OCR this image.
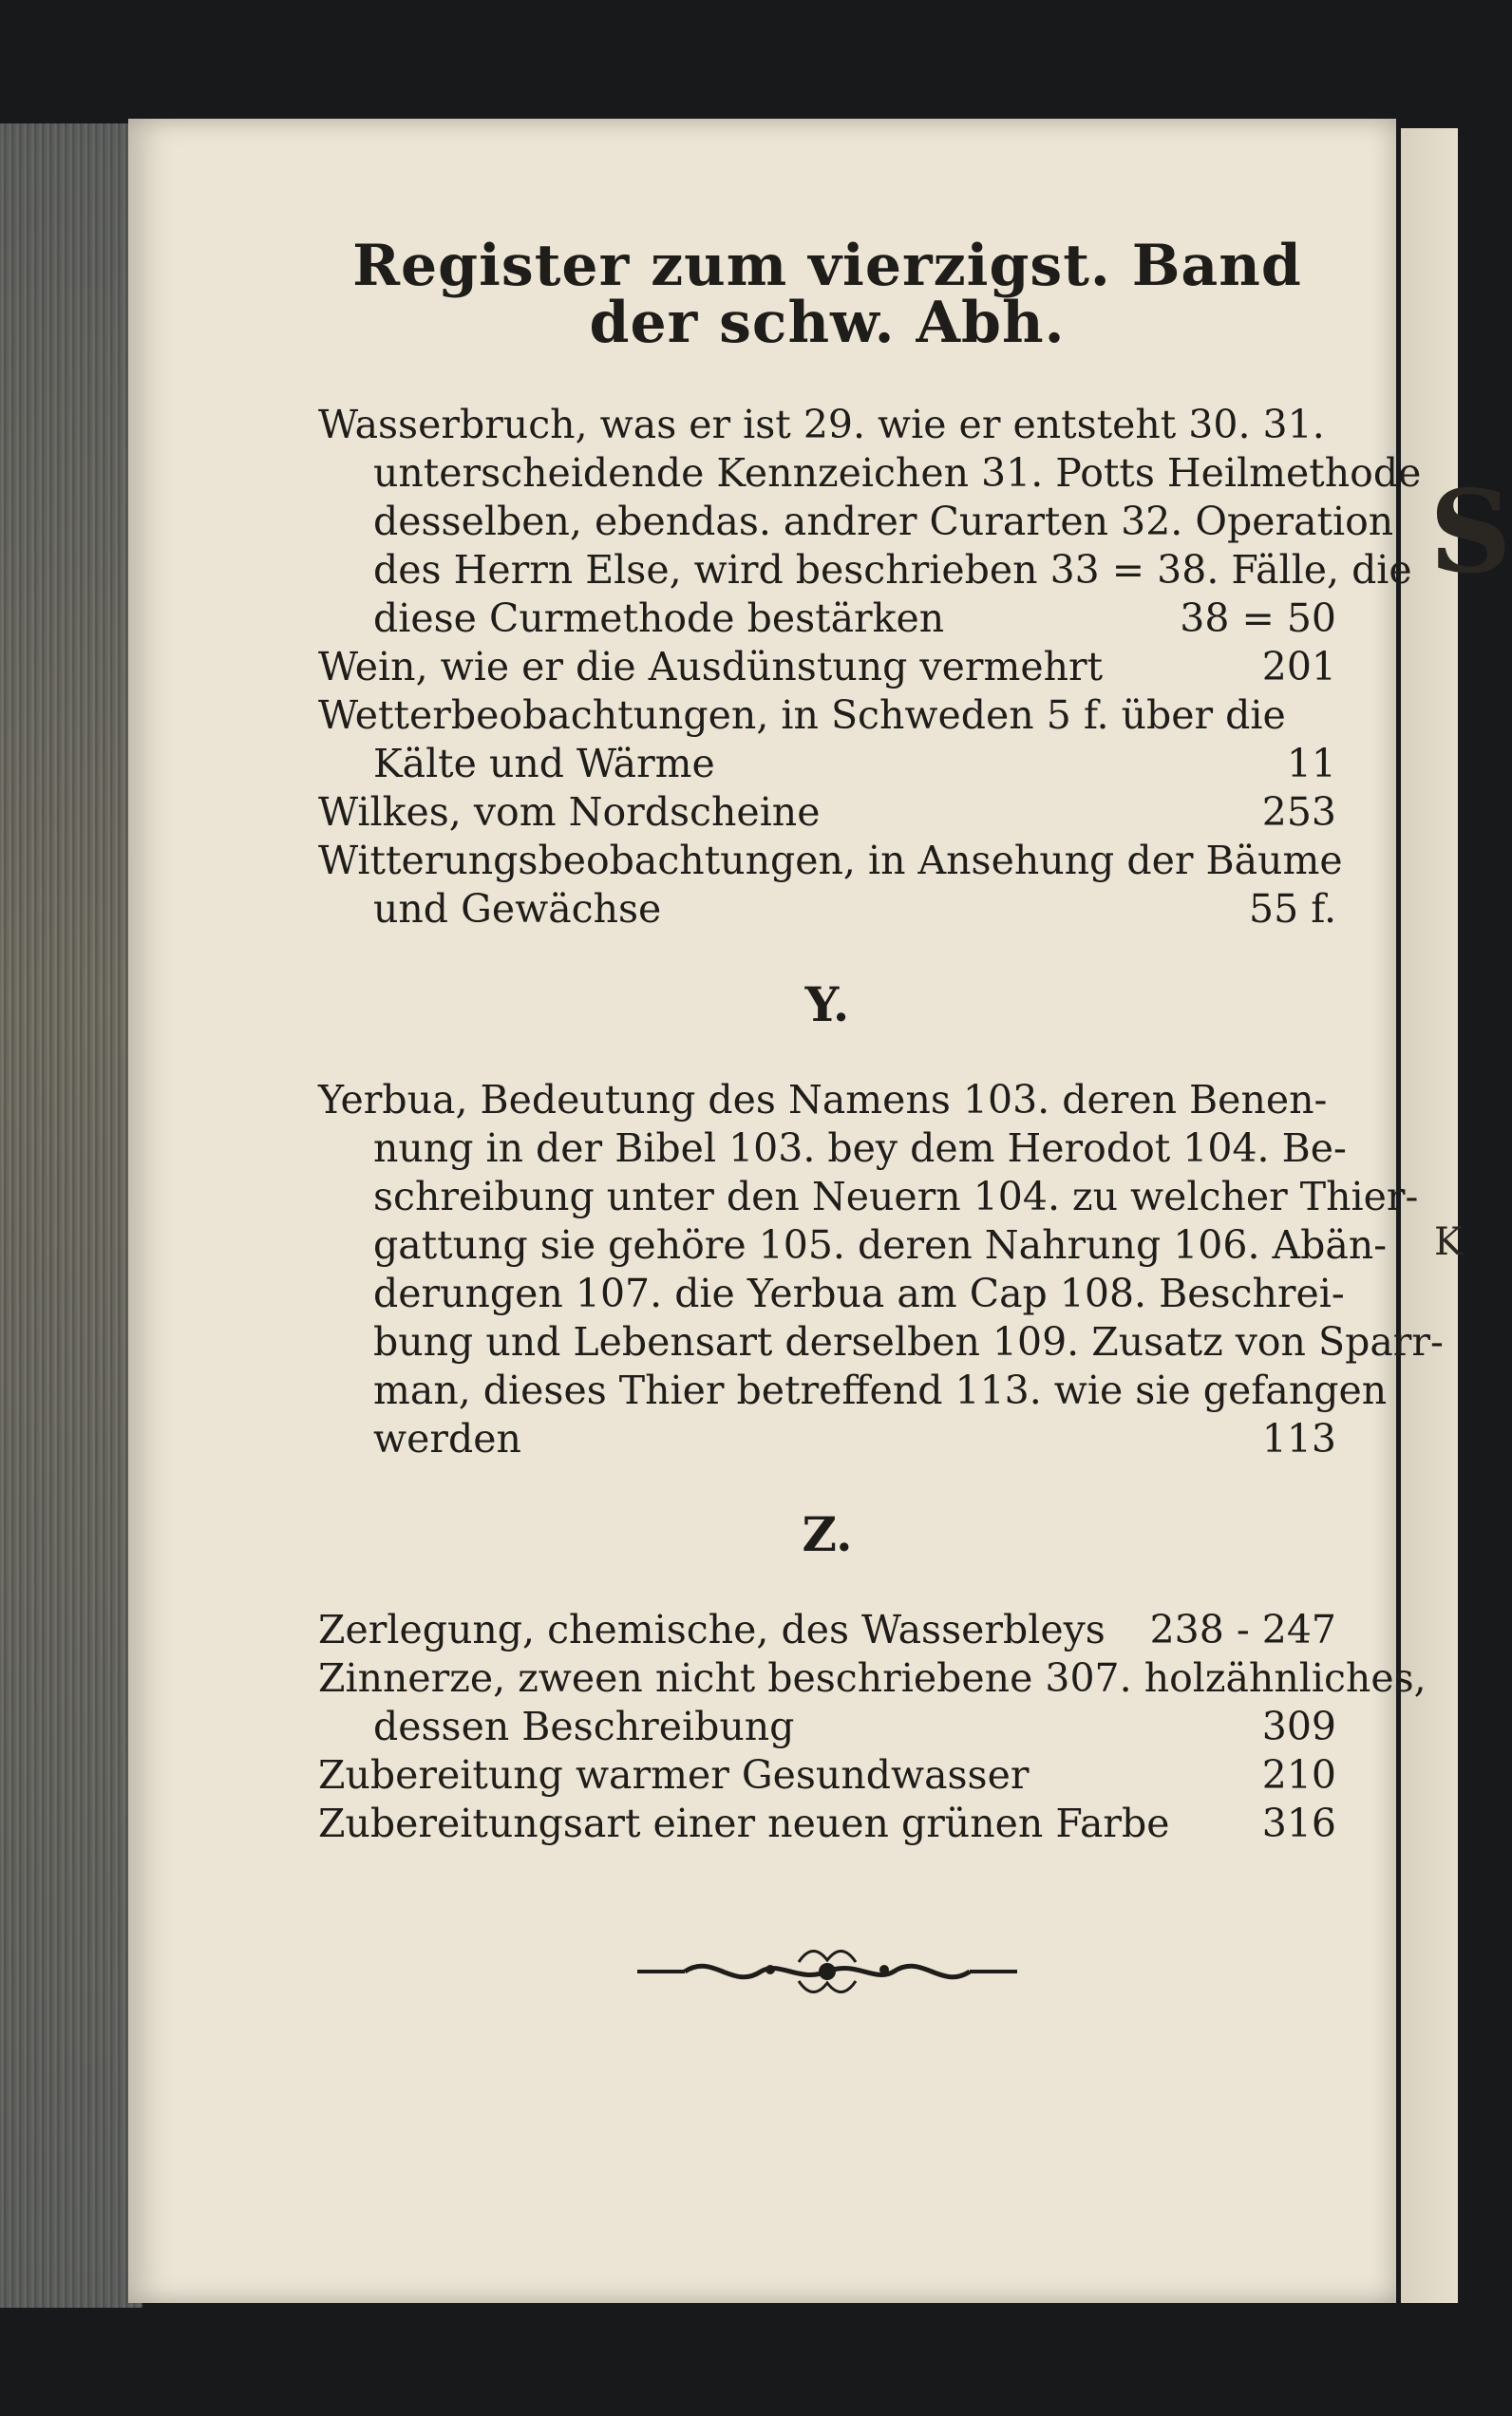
S
K
Register zum vierzigst. Band der schw. Abh.
Wasserbruch, was er ist 29. wie er entsteht 30. 31.
unterscheidende Kennzeichen 31. Potts Heilmethode
desselben, ebendas. andrer Curarten 32. Operation
des Herrn Else, wird beschrieben 33 = 38. Fälle, die
diese Curmethode bestärken	38 = 50
Wein, wie er die Ausdünstung vermehrt	201
Wetterbeobachtungen, in Schweden 5 f. über die
Kälte und Wärme	11
Wilkes, vom Nordscheine	253
Witterungsbeobachtungen, in Ansehung der Bäume
und Gewächse	55 f.
Y.
Yerbua, Bedeutung des Namens 103. deren Benen-
nung in der Bibel 103. bey dem Herodot 104. Be-
schreibung unter den Neuern 104. zu welcher Thier-
gattung sie gehöre 105. deren Nahrung 106. Abän-
derungen 107. die Yerbua am Cap 108. Beschrei-
bung und Lebensart derselben 109. Zusatz von Sparr-
man, dieses Thier betreffend 113. wie sie gefangen
werden	113
Z.
Zerlegung, chemische, des Wasserbleys 238 - 247
Zinnerze, zween nicht beschriebene 307. holzähnliches,
dessen Beschreibung	309
Zubereitung warmer Gesundwasser	210
Zubereitungsart einer neuen grünen Farbe 316
